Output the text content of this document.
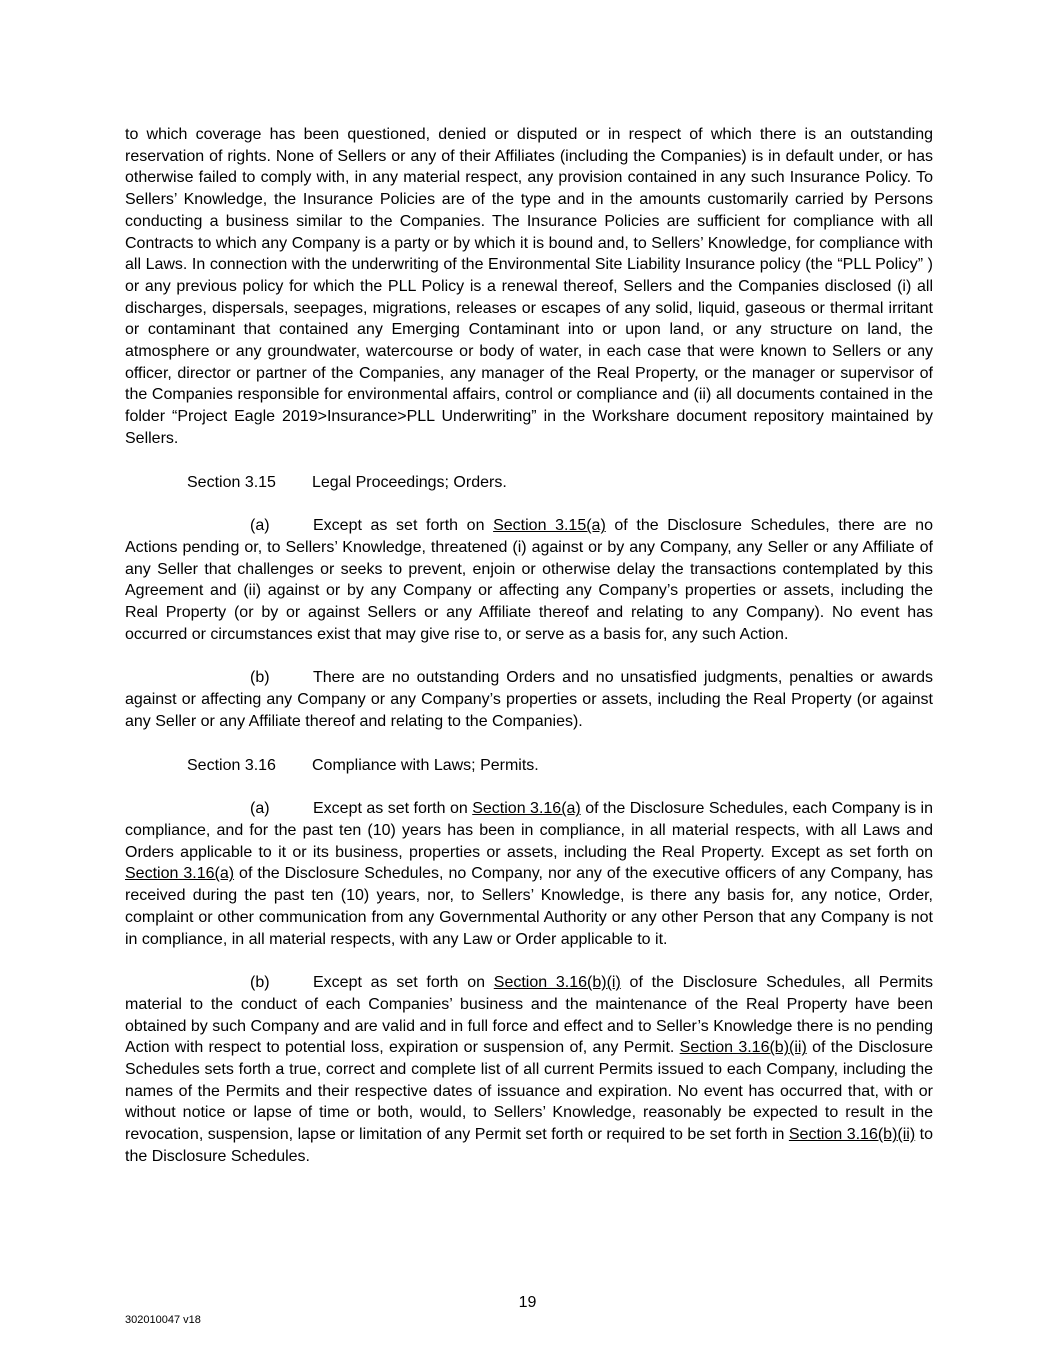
to which coverage has been questioned, denied or disputed or in respect of which there is an outstanding reservation of rights. None of Sellers or any of their Affiliates (including the Companies) is in default under, or has otherwise failed to comply with, in any material respect, any provision contained in any such Insurance Policy. To Sellers’ Knowledge, the Insurance Policies are of the type and in the amounts customarily carried by Persons conducting a business similar to the Companies. The Insurance Policies are sufficient for compliance with all Contracts to which any Company is a party or by which it is bound and, to Sellers’ Knowledge, for compliance with all Laws. In connection with the underwriting of the Environmental Site Liability Insurance policy (the “PLL Policy” ) or any previous policy for which the PLL Policy is a renewal thereof, Sellers and the Companies disclosed (i) all discharges, dispersals, seepages, migrations, releases or escapes of any solid, liquid, gaseous or thermal irritant or contaminant that contained any Emerging Contaminant into or upon land, or any structure on land, the atmosphere or any groundwater, watercourse or body of water, in each case that were known to Sellers or any officer, director or partner of the Companies, any manager of the Real Property, or the manager or supervisor of the Companies responsible for environmental affairs, control or compliance and (ii) all documents contained in the folder “Project Eagle 2019>Insurance>PLL Underwriting” in the Workshare document repository maintained by Sellers.

Section 3.15 Legal Proceedings; Orders.

(a)	Except as set forth on Section 3.15(a) of the Disclosure Schedules, there are no Actions pending or, to Sellers’ Knowledge, threatened (i) against or by any Company, any Seller or any Affiliate of any Seller that challenges or seeks to prevent, enjoin or otherwise delay the transactions contemplated by this Agreement and (ii) against or by any Company or affecting any Company’s properties or assets, including the Real Property (or by or against Sellers or any Affiliate thereof and relating to any Company). No event has occurred or circumstances exist that may give rise to, or serve as a basis for, any such Action.

(b)	There are no outstanding Orders and no unsatisfied judgments, penalties or awards against or affecting any Company or any Company’s properties or assets, including the Real Property (or against any Seller or any Affiliate thereof and relating to the Companies).

Section 3.16 Compliance with Laws; Permits.

(a)	Except as set forth on Section 3.16(a) of the Disclosure Schedules, each Company is in compliance, and for the past ten (10) years has been in compliance, in all material respects, with all Laws and Orders applicable to it or its business, properties or assets, including the Real Property. Except as set forth on Section 3.16(a) of the Disclosure Schedules, no Company, nor any of the executive officers of any Company, has received during the past ten (10) years, nor, to Sellers’ Knowledge, is there any basis for, any notice, Order, complaint or other communication from any Governmental Authority or any other Person that any Company is not in compliance, in all material respects, with any Law or Order applicable to it.

(b)	Except as set forth on Section 3.16(b)(i) of the Disclosure Schedules, all Permits material to the conduct of each Companies’ business and the maintenance of the Real Property have been obtained by such Company and are valid and in full force and effect and to Seller’s Knowledge there is no pending Action with respect to potential loss, expiration or suspension of, any Permit. Section 3.16(b)(ii) of the Disclosure Schedules sets forth a true, correct and complete list of all current Permits issued to each Company, including the names of the Permits and their respective dates of issuance and expiration. No event has occurred that, with or without notice or lapse of time or both, would, to Sellers’ Knowledge, reasonably be expected to result in the revocation, suspension, lapse or limitation of any Permit set forth or required to be set forth in Section 3.16(b)(ii) to the Disclosure Schedules.

19
302010047 v18
